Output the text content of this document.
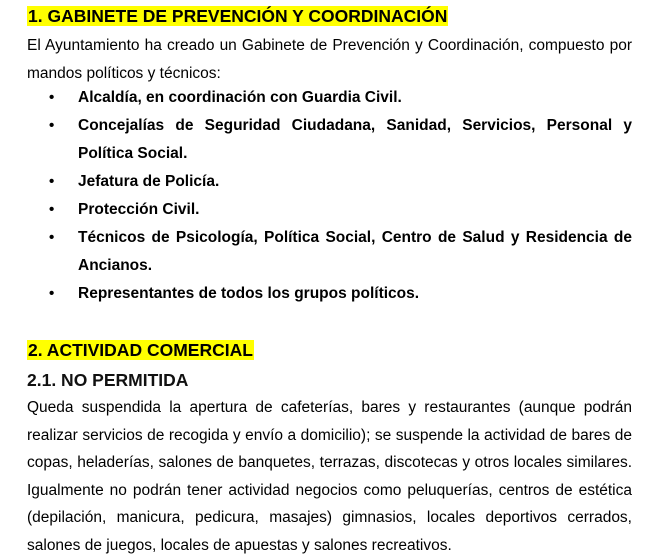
1. GABINETE DE PREVENCIÓN Y COORDINACIÓN

El Ayuntamiento ha creado un Gabinete de Prevención y Coordinación, compuesto por mandos políticos y técnicos:

• Alcaldía, en coordinación con Guardia Civil.
• Concejalías de Seguridad Ciudadana, Sanidad, Servicios, Personal y Política Social.
• Jefatura de Policía.
• Protección Civil.
• Técnicos de Psicología, Política Social, Centro de Salud y Residencia de Ancianos.
• Representantes de todos los grupos políticos.
2. ACTIVIDAD COMERCIAL
2.1. NO PERMITIDA

Queda suspendida la apertura de cafeterías, bares y restaurantes (aunque podrán realizar servicios de recogida y envío a domicilio); se suspende la actividad de bares de copas, heladerías, salones de banquetes, terrazas, discotecas y otros locales similares. Igualmente no podrán tener actividad negocios como peluquerías, centros de estética (depilación, manicura, pedicura, masajes) gimnasios, locales deportivos cerrados, salones de juegos, locales de apuestas y salones recreativos.
